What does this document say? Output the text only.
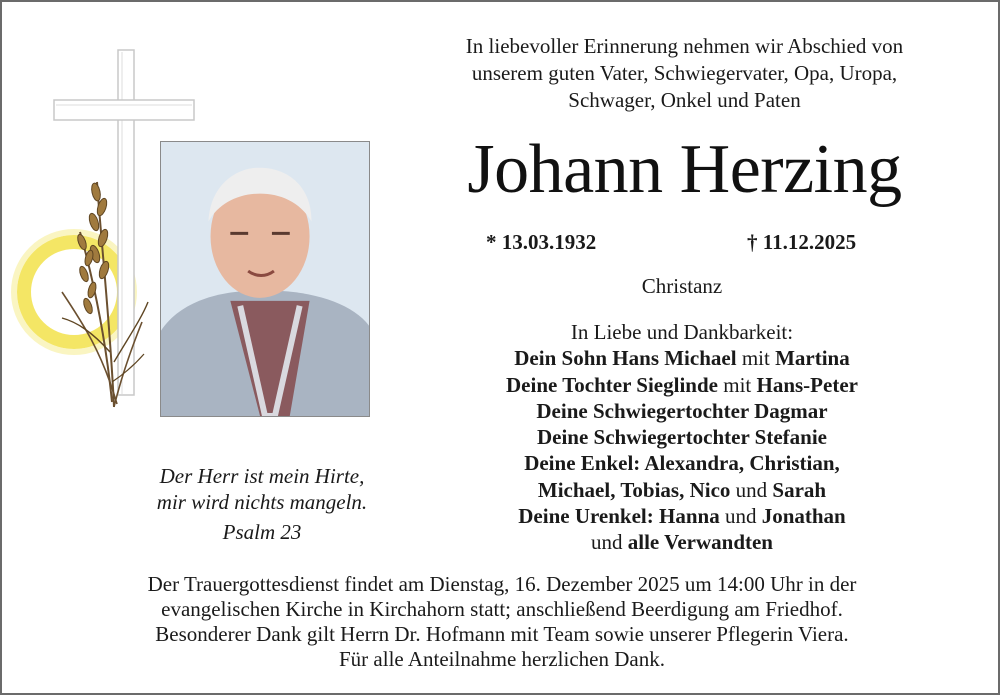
In liebevoller Erinnerung nehmen wir Abschied von
unserem guten Vater, Schwiegervater, Opa, Uropa,
Schwager, Onkel und Paten
Johann Herzing
* 13.03.1932	† 11.12.2025
Christanz
In Liebe und Dankbarkeit:
Dein Sohn Hans Michael mit Martina
Deine Tochter Sieglinde mit Hans-Peter
Deine Schwiegertochter Dagmar
Deine Schwiegertochter Stefanie
Deine Enkel: Alexandra, Christian,
Michael, Tobias, Nico und Sarah
Deine Urenkel: Hanna und Jonathan
und alle Verwandten
Der Herr ist mein Hirte,
mir wird nichts mangeln.
Psalm 23
Der Trauergottesdienst findet am Dienstag, 16. Dezember 2025 um 14:00 Uhr in der
evangelischen Kirche in Kirchahorn statt; anschließend Beerdigung am Friedhof.
Besonderer Dank gilt Herrn Dr. Hofmann mit Team sowie unserer Pflegerin Viera.
Für alle Anteilnahme herzlichen Dank.
